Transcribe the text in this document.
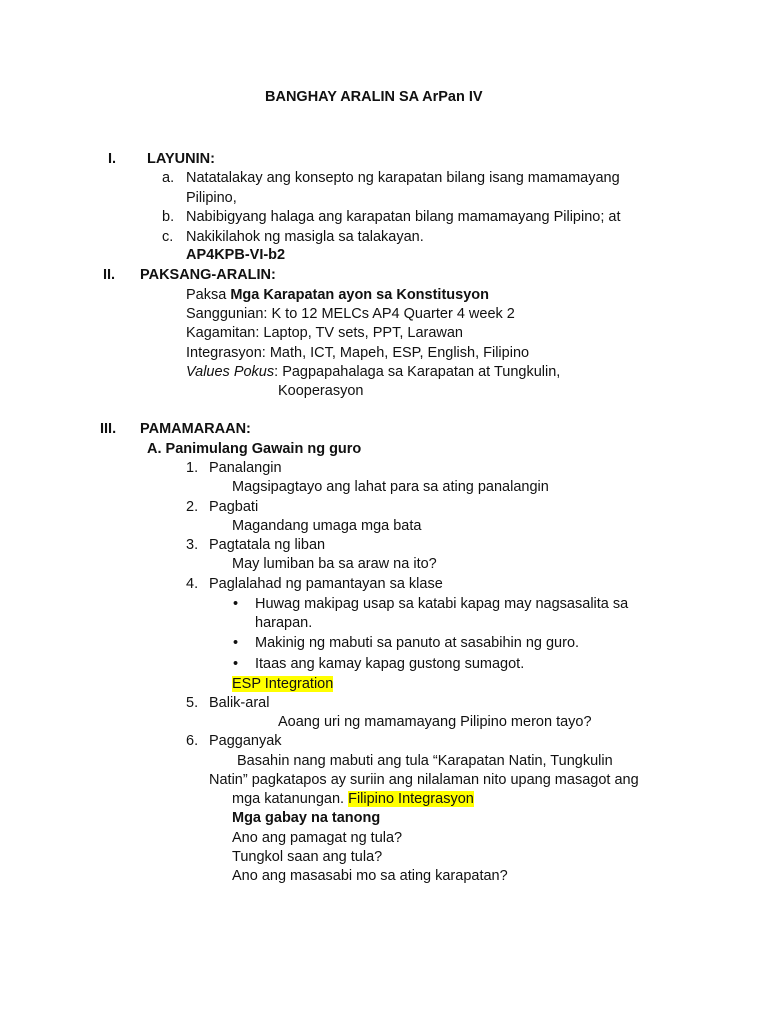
BANGHAY ARALIN SA ArPan IV
I. LAYUNIN:
a. Natatalakay ang konsepto ng karapatan bilang isang mamamayang
Pilipino,
b. Nabibigyang halaga ang karapatan bilang mamamayang Pilipino; at
c. Nakikilahok ng masigla sa talakayan.
AP4KPB-VI-b2
II. PAKSANG-ARALIN:
Paksa Mga Karapatan ayon sa Konstitusyon
Sanggunian: K to 12 MELCs AP4 Quarter 4 week 2
Kagamitan: Laptop, TV sets, PPT, Larawan
Integrasyon: Math, ICT, Mapeh, ESP, English, Filipino
Values Pokus: Pagpapahalaga sa Karapatan at Tungkulin,
Kooperasyon
III. PAMAMARAAN:
A. Panimulang Gawain ng guro
1. Panalangin
Magsipagtayo ang lahat para sa ating panalangin
2. Pagbati
Magandang umaga mga bata
3. Pagtatala ng liban
May lumiban ba sa araw na ito?
4. Paglalahad ng pamantayan sa klase
• Huwag makipag usap sa katabi kapag may nagsasalita sa
harapan.
• Makinig ng mabuti sa panuto at sasabihin ng guro.
• Itaas ang kamay kapag gustong sumagot.
ESP Integration
5. Balik-aral
Aoang uri ng mamamayang Pilipino meron tayo?
6. Pagganyak
Basahin nang mabuti ang tula “Karapatan Natin, Tungkulin
Natin” pagkatapos ay suriin ang nilalaman nito upang masagot ang
mga katanungan. Filipino Integrasyon
Mga gabay na tanong
Ano ang pamagat ng tula?
Tungkol saan ang tula?
Ano ang masasabi mo sa ating karapatan?
